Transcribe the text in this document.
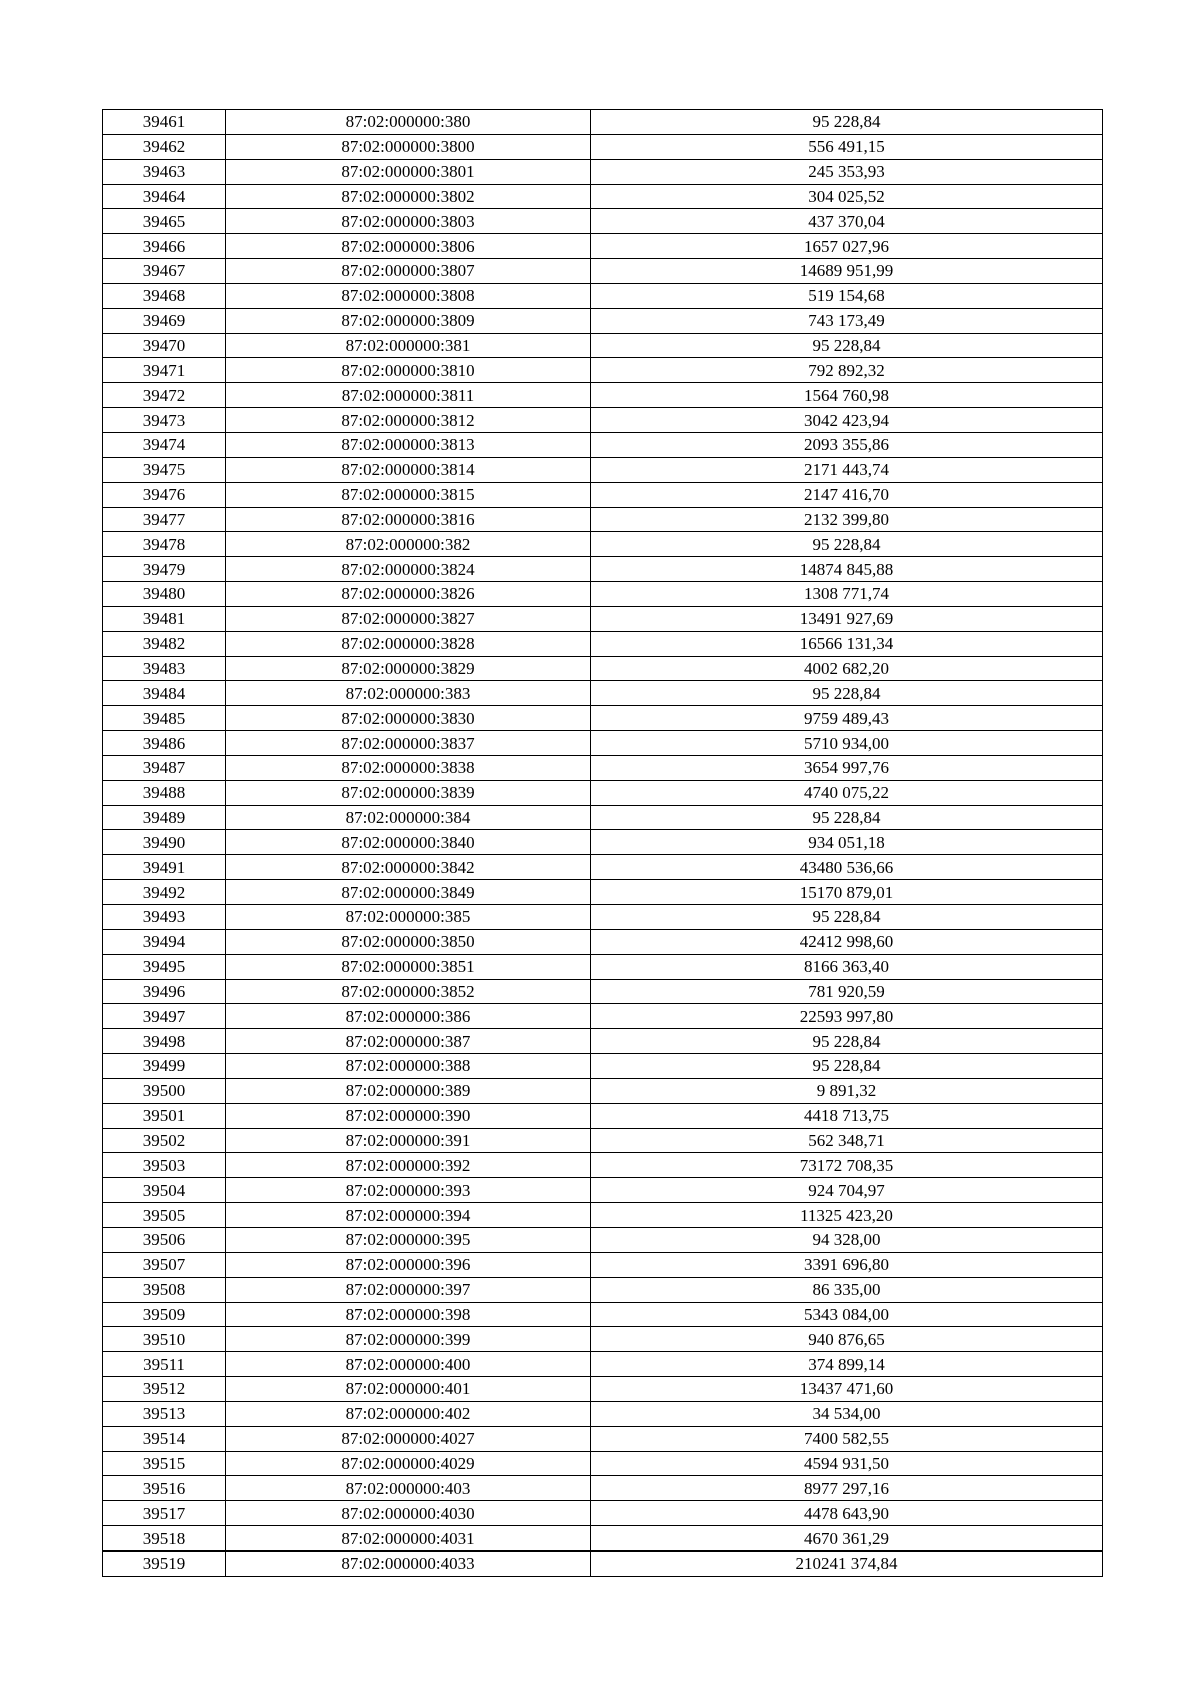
39461	87:02:000000:380	95 228,84
39462	87:02:000000:3800	556 491,15
39463	87:02:000000:3801	245 353,93
39464	87:02:000000:3802	304 025,52
39465	87:02:000000:3803	437 370,04
39466	87:02:000000:3806	1657 027,96
39467	87:02:000000:3807	14689 951,99
39468	87:02:000000:3808	519 154,68
39469	87:02:000000:3809	743 173,49
39470	87:02:000000:381	95 228,84
39471	87:02:000000:3810	792 892,32
39472	87:02:000000:3811	1564 760,98
39473	87:02:000000:3812	3042 423,94
39474	87:02:000000:3813	2093 355,86
39475	87:02:000000:3814	2171 443,74
39476	87:02:000000:3815	2147 416,70
39477	87:02:000000:3816	2132 399,80
39478	87:02:000000:382	95 228,84
39479	87:02:000000:3824	14874 845,88
39480	87:02:000000:3826	1308 771,74
39481	87:02:000000:3827	13491 927,69
39482	87:02:000000:3828	16566 131,34
39483	87:02:000000:3829	4002 682,20
39484	87:02:000000:383	95 228,84
39485	87:02:000000:3830	9759 489,43
39486	87:02:000000:3837	5710 934,00
39487	87:02:000000:3838	3654 997,76
39488	87:02:000000:3839	4740 075,22
39489	87:02:000000:384	95 228,84
39490	87:02:000000:3840	934 051,18
39491	87:02:000000:3842	43480 536,66
39492	87:02:000000:3849	15170 879,01
39493	87:02:000000:385	95 228,84
39494	87:02:000000:3850	42412 998,60
39495	87:02:000000:3851	8166 363,40
39496	87:02:000000:3852	781 920,59
39497	87:02:000000:386	22593 997,80
39498	87:02:000000:387	95 228,84
39499	87:02:000000:388	95 228,84
39500	87:02:000000:389	9 891,32
39501	87:02:000000:390	4418 713,75
39502	87:02:000000:391	562 348,71
39503	87:02:000000:392	73172 708,35
39504	87:02:000000:393	924 704,97
39505	87:02:000000:394	11325 423,20
39506	87:02:000000:395	94 328,00
39507	87:02:000000:396	3391 696,80
39508	87:02:000000:397	86 335,00
39509	87:02:000000:398	5343 084,00
39510	87:02:000000:399	940 876,65
39511	87:02:000000:400	374 899,14
39512	87:02:000000:401	13437 471,60
39513	87:02:000000:402	34 534,00
39514	87:02:000000:4027	7400 582,55
39515	87:02:000000:4029	4594 931,50
39516	87:02:000000:403	8977 297,16
39517	87:02:000000:4030	4478 643,90
39518	87:02:000000:4031	4670 361,29
39519	87:02:000000:4033	210241 374,84
